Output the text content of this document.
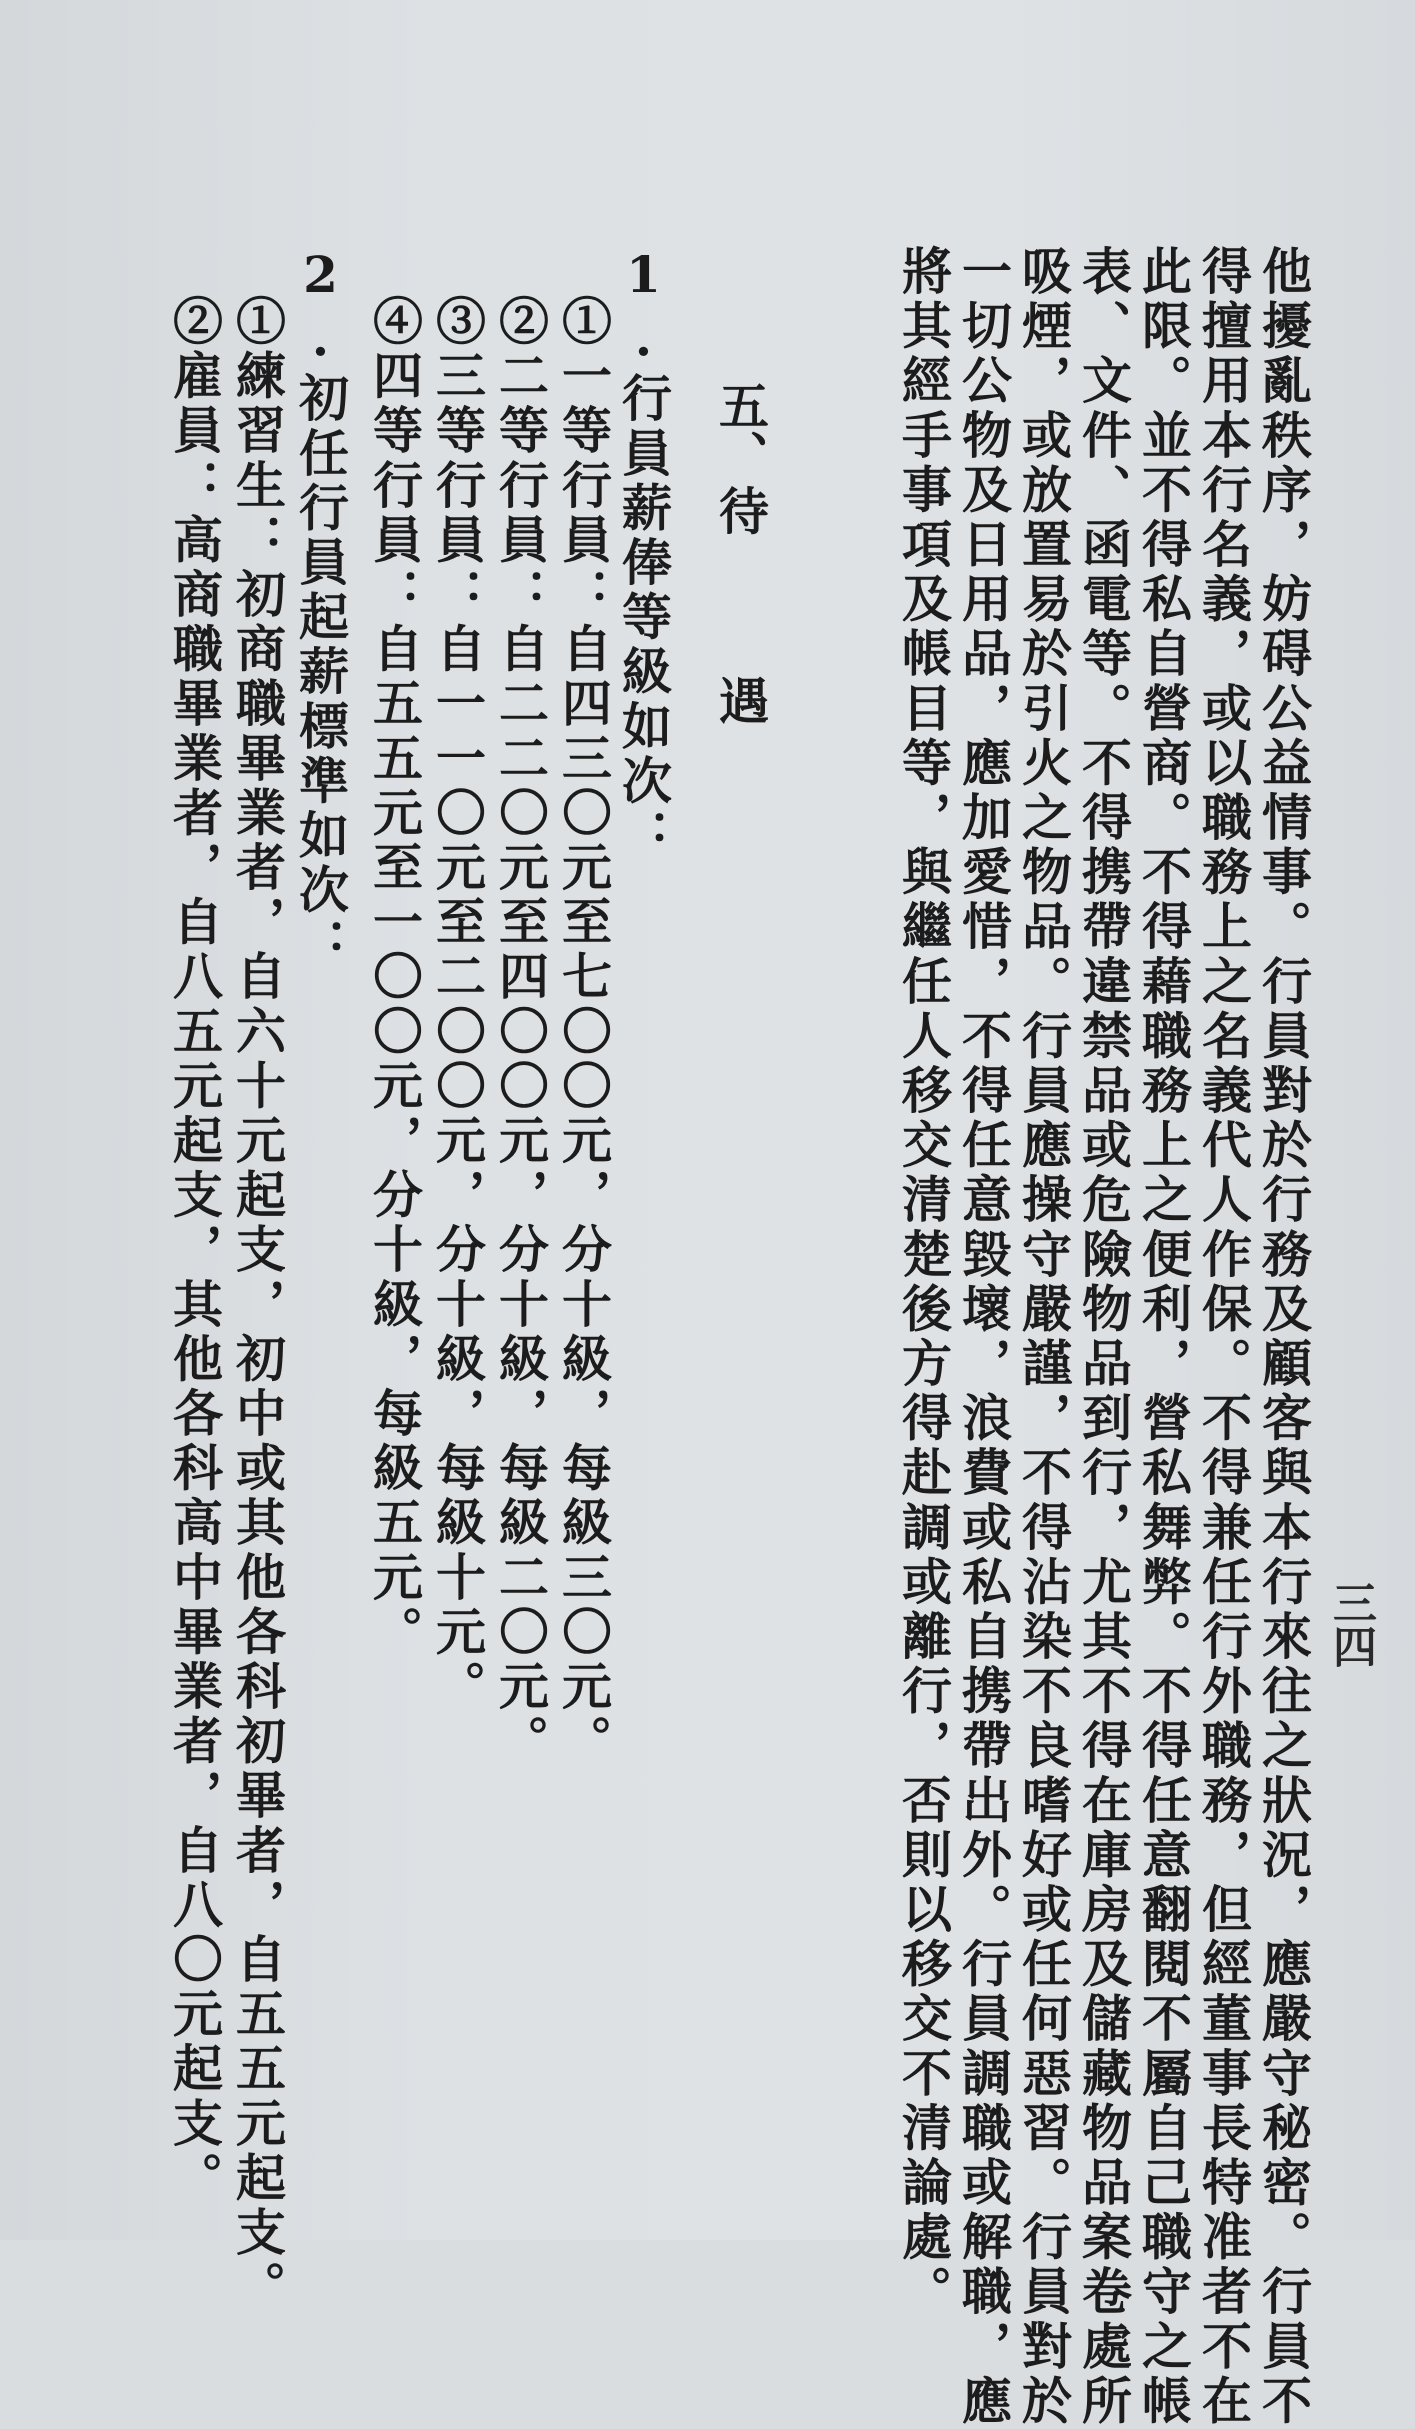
三四
他擾亂秩序，妨碍公益情事。行員對於行務及顧客與本行來往之狀況，應嚴守秘密。行員不
得擅用本行名義，或以職務上之名義代人作保。不得兼任行外職務，但經董事長特准者不在
此限。並不得私自營商。不得藉職務上之便利，營私舞弊。不得任意翻閱不屬自己職守之帳
表、文件、函電等。不得携帶違禁品或危險物品到行，尤其不得在庫房及儲藏物品案卷處所
吸煙，或放置易於引火之物品。行員應操守嚴謹，不得沾染不良嗜好或任何惡習。行員對於
一切公物及日用品，應加愛惜，不得任意毀壞，浪費或私自携帶出外。行員調職或解職，應
將其經手事項及帳目等，與繼任人移交清楚後方得赴調或離行，否則以移交不清論處。
五、
待
遇
1.行員薪俸等級如次：
①一等行員：自四三〇元至七〇〇元，分十級，每級三〇元。
②二等行員：自二二〇元至四〇〇元，分十級，每級二〇元。
③三等行員：自一一〇元至二〇〇元，分十級，每級十元。
④四等行員：自五五元至一〇〇元，分十級，每級五元。
2.初任行員起薪標準如次：
①練習生：初商職畢業者，自六十元起支，初中或其他各科初畢者，自五五元起支。
②雇員：高商職畢業者，自八五元起支，其他各科高中畢業者，自八〇元起支。
